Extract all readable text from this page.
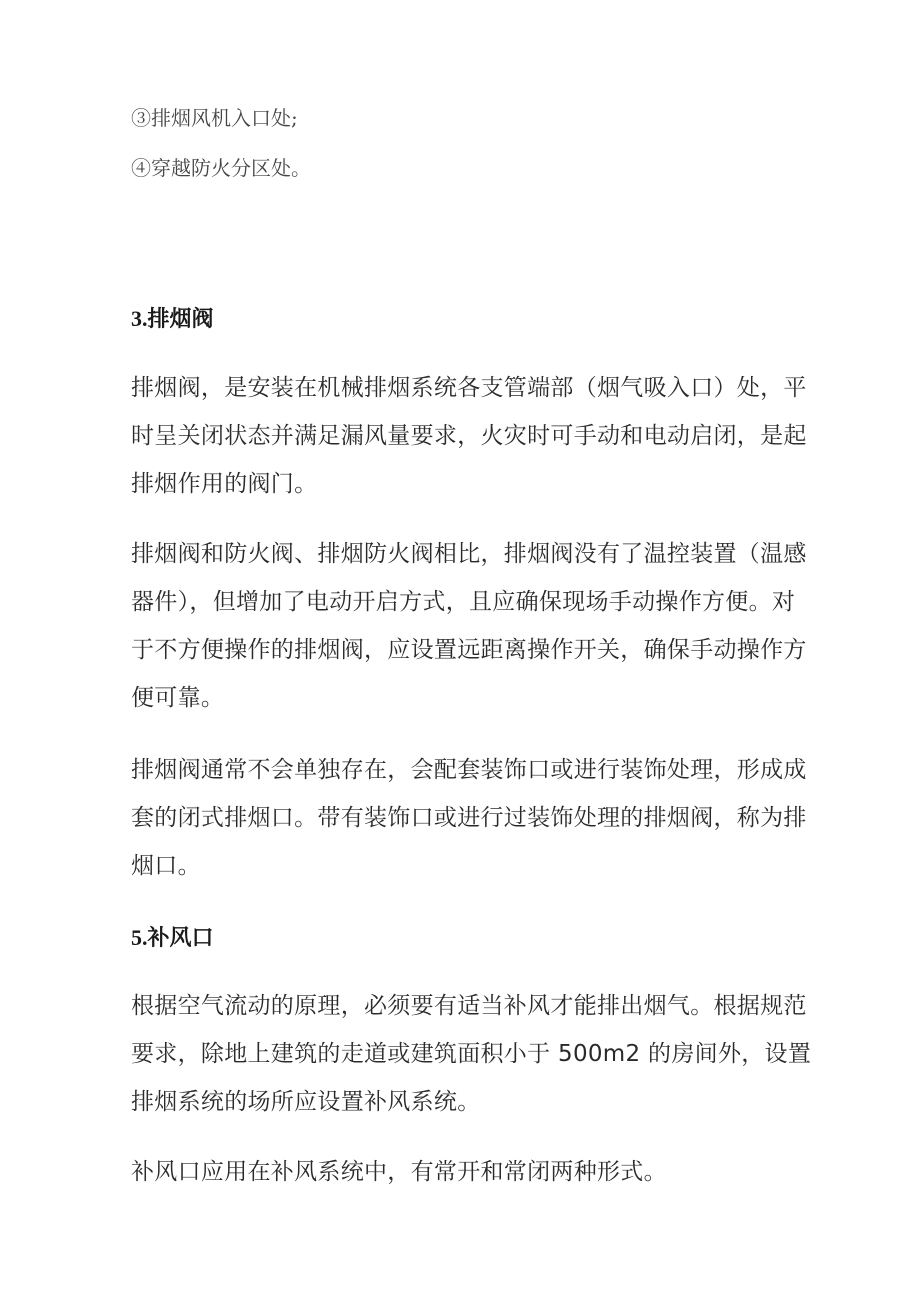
③排烟风机入口处;
④穿越防火分区处。
3.排烟阀

排烟阀，是安装在机械排烟系统各支管端部（烟气吸入口）处，平
时呈关闭状态并满足漏风量要求，火灾时可手动和电动启闭，是起
排烟作用的阀门。

排烟阀和防火阀、排烟防火阀相比，排烟阀没有了温控装置（温感
器件），但增加了电动开启方式，且应确保现场手动操作方便。对
于不方便操作的排烟阀，应设置远距离操作开关，确保手动操作方
便可靠。

排烟阀通常不会单独存在，会配套装饰口或进行装饰处理，形成成
套的闭式排烟口。带有装饰口或进行过装饰处理的排烟阀，称为排
烟口。

5.补风口

根据空气流动的原理，必须要有适当补风才能排出烟气。根据规范
要求，除地上建筑的走道或建筑面积小于 500m2 的房间外，设置
排烟系统的场所应设置补风系统。

补风口应用在补风系统中，有常开和常闭两种形式。
